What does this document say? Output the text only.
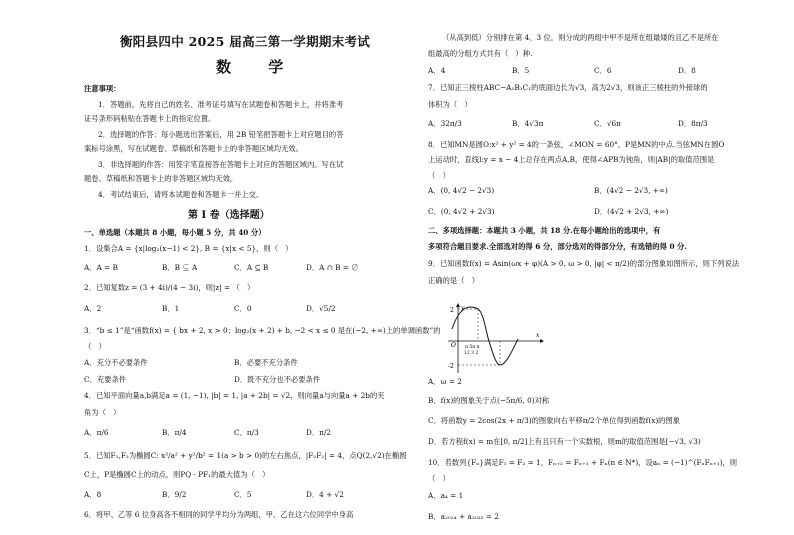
衡阳县四中 2025 届高三第一学期期末考试
数 学
注意事项：
1．答题前，先将自己的姓名、准考证号填写在试题卷和答题卡上，并将准考
证号条形码粘贴在答题卡上的指定位置。
2．选择题的作答：每小题选出答案后，用 2B 铅笔把答题卡上对应题目的答
案标号涂黑，写在试题卷、草稿纸和答题卡上的非答题区域均无效。
3．非选择题的作答：用签字笔直接答在答题卡上对应的答题区域内。写在试
题卷、草稿纸和答题卡上的非答题区域均无效。
4．考试结束后，请将本试题卷和答题卡一并上交。
第 I 卷（选择题）
一、单选题（本题共 8 小题，每小题 5 分，共 40 分）
1．设集合A = {x|log₂(x−1) < 2}, B = {x|x < 5}，则（　）
A．A = B	B．B ⊊ A	C．A ⊆ B	D．A ∩ B = ∅
2．已知复数z = (3 + 4i)/(4 − 3i)，则|z| = （　）
A．2	B．1	C．0	D．√5/2
3．“b ≤ 1”是“函数f(x) = { bx + 2, x > 0；log₂(x + 2) + b, −2 < x ≤ 0 是在(−2, +∞)上的单调函数”的
（　）
A．充分不必要条件	B．必要不充分条件
C．充要条件	D．既不充分也不必要条件
4．已知平面向量a,b满足a = (1, −1), |b| = 1, |a + 2b| = √2，则向量a与向量a + 2b的夹
角为（　）
A．π/6	B．π/4	C．π/3	D．π/2
5．已知F₁,F₂为椭圆C: x²/a² + y²/b² = 1(a > b > 0)的左右焦点，|F₂F₂| = 4，点Q(2,√2)在椭圆
C上，P是椭圆C上的动点，则PQ · PF₁的最大值为（　）
A．8	B．9/2	C．5	D．4 + √2
6．将甲、乙等 6 位身高各不相同的同学平均分为两组，甲、乙在这六位同学中身高
（从高到低）分别排在第 4、3 位，则分成的两组中甲不是所在组最矮的且乙不是所在
组最高的分组方式共有（　）种.
A．4	B．5	C．6	D．8
7．已知正三棱柱ABC−A₁B₁C₁的底面边长为√3，高为2√3，则该正三棱柱的外接球的
体积为（　）
A．32π/3	B．4√3π	C．√6π	D．8π/3
8．已知MN是圆O:x² + y² = 4的一条弦，∠MON = 60°，P是MN的中点.当弦MN在圆O
上运动时，直线l:y = x − 4上总存在两点A,B，使得∠APB为钝角，则|AB|的取值范围是
（　）
A．(0, 4√2 − 2√3)	B．(4√2 − 2√3, +∞)
C．(0, 4√2 + 2√3)	D．(4√2 + 2√3, +∞)
二、多项选择题：本题共 3 小题，共 18 分.在每小题给出的选项中，有
多项符合题目要求.全部选对的得 6 分，部分选对的得部分分，有选错的得 0 分.
9．已知函数f(x) = Asin(ωx + φ)(A > 0, ω > 0, |φ| < π/2)的部分图象如图所示，则下列说法
正确的是（　）
2
-2
O
x
y
π 5π π
12 3 2
A．ω = 2
B．f(x)的图象关于点(−5π/6, 0)对称
C．将函数y = 2cos(2x + π/3)的图象向右平移π/2个单位得到函数f(x)的图象
D．若方程f(x) = m在[0, π/2]上有且只有一个实数根，则m的取值范围是[−√3, √3)
10．若数列{Fₙ}满足F₁ = F₂ = 1，Fₙ₊₂ = Fₙ₊₁ + Fₙ(n ∈ N*)，设aₙ = (−1)^(FₙFₙ₊₁)，则
（　）
A．a₄ = 1
B．a₂₀₂₄ + a₂₀₂₅ = 2
